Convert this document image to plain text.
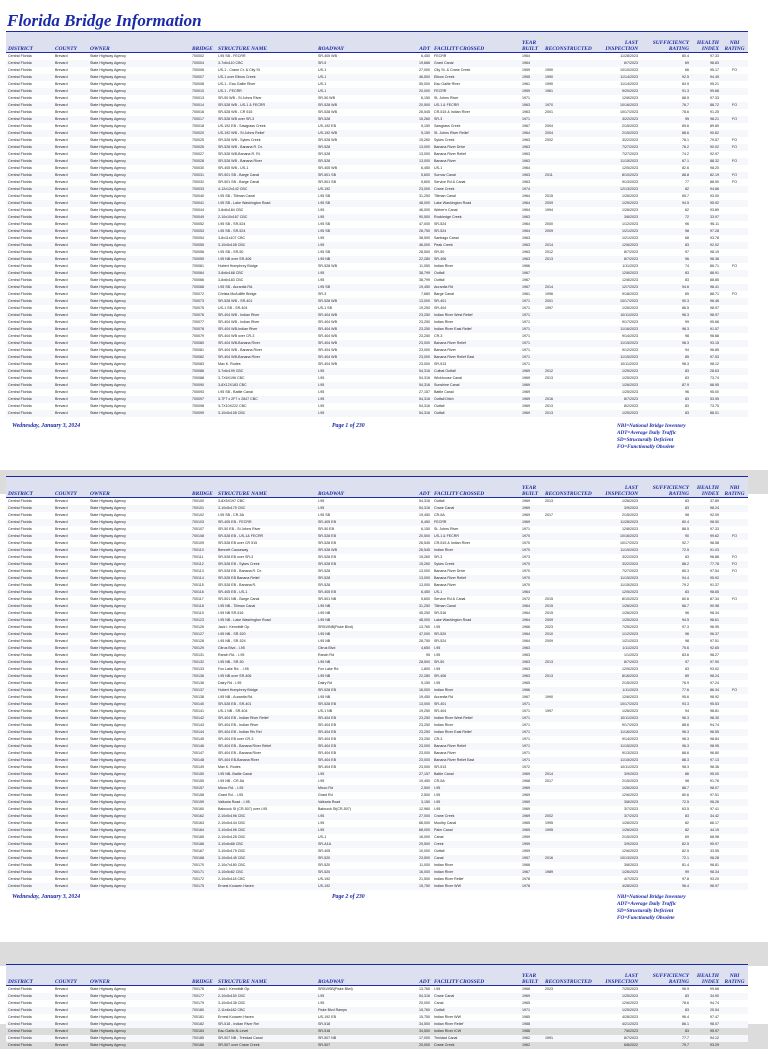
Florida Bridge Information
DISTRICT	COUNTY	OWNER	BRIDGE	STRUCTURE NAME	ROADWAY	ADT	FACILITY CROSSED	YEAR BUILT	RECONSTRUCTED	LAST INSPECTION	SUFFICIENCY RATING	HEALTH INDEX	NBI RATING
Central Florida	Brevard	State Highway Agency	700002	I-95 SB - FECRR	SR-405 WB	6,450	FECRR	1964		11/28/2023	80.4	97.33	
Central Florida	Brevard	State Highway Agency	700004	3-7x6x110 CBC	SR-5	19,666	Grant Canal	1964		6/7/2023	69	98.83	
Central Florida	Brevard	State Highway Agency	700006	US-1 - Crane Cr. & City St	US-1	27,000	City St. & Crane Creek	1959	1990	10/10/2023	66	95.17	FO
Central Florida	Brevard	State Highway Agency	700007	US-1 over Elbow Creek	US-1	46,500	Elbow Creek	1955	1990	11/14/2023	92.5	94.45	
Central Florida	Brevard	State Highway Agency	700008	US-1 - Eau Gallie River	US-1	55,000	Eau Gallie River	1961	1990	11/14/2023	84.9	95.21	
Central Florida	Brevard	State Highway Agency	700010	US-1 - FECRR	US-1	20,000	FECRR	1959	1961	9/20/2023	91.3	99.68	
Central Florida	Brevard	State Highway Agency	700013	SR-50 WB - St Johns River	SR-50 WB	6,150	St. Johns River	1971		12/8/2023	88.5	97.33	
Central Florida	Brevard	State Highway Agency	700014	SR-528 WB - US-1 & FECRR	SR-528 WB	20,500	US-1 & FECRR	1963	1970	10/16/2023	76.7	88.72	FO
Central Florida	Brevard	State Highway Agency	700016	SR-528 WB - CR 515	SR-528 WB	26,545	CR-515 & Indian River	1963	2001	10/17/2023	78.6	91.25	
Central Florida	Brevard	State Highway Agency	700017	SR-528 WB over SR-3	SR-528	15,260	SR-3	1971		3/22/2023	95	98.21	FO
Central Florida	Brevard	State Highway Agency	700018	US-192 EB - Sawgrass Creek	US-192 EB	5,150	Sawgrass Creek	1967	2004	2/15/2023	89.6	89.89	
Central Florida	Brevard	State Highway Agency	700020	US-192 WB - St Johns Relief	US-192 WB	5,150	St. Johns River Relief	1964	2004	2/15/2023	88.6	90.62	
Central Florida	Brevard	State Highway Agency	700025	SR-528 WB - Sykes Creek	SR-528 WB	15,260	Sykes Creek	1963	2002	3/22/2023	78.1	79.57	FO
Central Florida	Brevard	State Highway Agency	700026	SR-528 WB - Banana R. Dr.	SR-528	13,000	Banana River Drive	1963		7/27/2023	76.2	90.02	FO
Central Florida	Brevard	State Highway Agency	700027	SR-528 WB-Banana R. Rl.	SR-528	13,000	Banana River Relief	1963		7/27/2023	74.2	92.97	
Central Florida	Brevard	State Highway Agency	700028	SR-528 WB - Banana River	SR-528	13,000	Banana River	1963		11/15/2023	67.1	88.32	FO
Central Florida	Brevard	State Highway Agency	700030	SR-405 WB - US-1	SR-405 WB	6,450	US-1	1964		12/5/2023	82.6	98.20	
Central Florida	Brevard	State Highway Agency	700031	SR-501 SB - Barge Canal	SR-501 SB	5,600	Sorrow Canal	1963	2011	8/10/2023	88.8	82.19	FO
Central Florida	Brevard	State Highway Agency	700032	SR-501 SB - Barge Canal	SR-501 SB	5,600	Service Rd & Canal	1963		9/13/2023	77	88.90	FO
Central Florida	Brevard	State Highway Agency	700033	4-12x12x142 CBC	US-192	23,000	Crane Creek	1974		12/13/2023	82	94.66	
Central Florida	Brevard	State Highway Agency	700040	I-95 SB - Tillman Canal	I-95 SB	31,250	Tillman Canal	1964	2015	1/26/2023	65.7	93.00	
Central Florida	Brevard	State Highway Agency	700041	I-95 SB - Lake Washington Road	I-95 SB	48,000	Lake Washington Road	1964	2009	1/25/2023	94.5	95.92	
Central Florida	Brevard	State Highway Agency	700044	3-8x6x184 CBC	I-95	46,000	Weber's Canal	1964	1994	1/26/2023	62	93.89	
Central Florida	Brevard	State Highway Agency	700049	2-10x10x167 CBC	I-95	90,500	Rockledge Creek	1963		3/8/2023	72	33.97	
Central Florida	Brevard	State Highway Agency	700052	I-95 SB - SR-524	I-95 SB	47,000	SR-524	1964	2000	1/12/2023	96	96.11	
Central Florida	Brevard	State Highway Agency	700053	I-95 SB - SR-524	I-95 SB	28,750	SR-524	1964	2009	1/21/2023	98	97.28	
Central Florida	Brevard	State Highway Agency	700054	3-8x11x107 CBC	I-95	38,500	Santiago Canal	1963		1/21/2023	68	93.78	
Central Florida	Brevard	State Highway Agency	700055	3-10x5x108 CBC	I-95	46,000	Peak Creek	1963	2014	12/6/2023	83	92.02	
Central Florida	Brevard	State Highway Agency	700056	I-95 SB - SR-50	I-95 SB	28,500	SR-50	1963	2012	8/7/2023	97	98.19	
Central Florida	Brevard	State Highway Agency	700059	I-95 NB over SR-406	I-95 NB	22,280	SR-406	1963	2013	8/7/2023	96	98.36	
Central Florida	Brevard	State Highway Agency	700061	Hubert Humphrey Bridge	SR-528 WB	11,050	Indian River	1966		1/11/2023	74	86.71	FO
Central Florida	Brevard	State Highway Agency	700064	3-8x6x168 CBC	I-95	38,799	Outfall	1967		12/8/2023	83	88.91	
Central Florida	Brevard	State Highway Agency	700066	3-8x6x183 CBC	I-95	38,799	Outfall	1967		12/8/2023	83	88.85	
Central Florida	Brevard	State Highway Agency	700068	I-95 SB - Aurantia Rd.	I-95 SB	19,450	Aurantia Rd	1967	2014	12/7/2023	94.6	98.41	
Central Florida	Brevard	State Highway Agency	700072	Christa McAuliffe Bridge	SR-3	7,680	Barge Canal	1961	1996	9/18/2023	65	88.71	FO
Central Florida	Brevard	State Highway Agency	700073	SR-528 WB - SR-401	SR-528 WB	13,000	SR-401	1971	2001	10/17/2023	90.3	96.46	
Central Florida	Brevard	State Highway Agency	700075	US-1 SB - SR-404	US-1 SB	19,250	SR-404	1971	1997	1/26/2023	86.5	98.97	
Central Florida	Brevard	State Highway Agency	700076	SR-404 WB - Indian River	SR-404 WB	23,250	Indian River West Relief	1971		10/11/2023	96.3	98.97	
Central Florida	Brevard	State Highway Agency	700077	SR-404 WB - Indian River	SR-404 WB	23,250	Indian River	1971		9/17/2023	99	95.66	
Central Florida	Brevard	State Highway Agency	700078	SR-404 WB-Indian River	SR-404 WB	23,250	Indian River East Relief	1971		11/16/2023	98.3	91.57	
Central Florida	Brevard	State Highway Agency	700079	SR-404 WB over CR-3	SR-404 WB	23,250	CR-3	1971		9/14/2023	98	96.68	
Central Florida	Brevard	State Highway Agency	700080	SR-404 WB-Banana River	SR-404 WB	23,000	Banana River Relief	1971		11/15/2023	98.3	93.15	
Central Florida	Brevard	State Highway Agency	700081	SR-404 WB - Banana River	SR-404 WB	23,000	Banana River	1971		9/12/2023	94	96.85	
Central Florida	Brevard	State Highway Agency	700082	SR-404 WB-Banana River	SR-404 WB	23,000	Banana River Relief East	1971		11/15/2023	85	97.53	
Central Florida	Brevard	State Highway Agency	700083	Max K. Rodes	SR-404 WB	23,000	SR-513	1971		10/11/2023	98.3	98.12	
Central Florida	Brevard	State Highway Agency	700086	3-7x6x199 CBC	I-95	54,316	Culbat Outfall	1969	2012	1/25/2023	83	28.63	
Central Florida	Brevard	State Highway Agency	700088	3-7X6X196 CBC	I-95	54,316	Wickhouse Canal	1969	2013	1/25/2023	83	73.74	
Central Florida	Brevard	State Highway Agency	700090	3-8X12X183 CBC	I-95	54,316	Sunshine Canal	1969		1/26/2023	87.9	68.95	
Central Florida	Brevard	State Highway Agency	700093	I-95 SB - Battle Canal	I-95	27,157	Battle Canal	1969		1/25/2023	96	95.00	
Central Florida	Brevard	State Highway Agency	700097	3-7F7 x 2F7 x 2847 CBC	I-95	54,316	Outfall Ditch	1969	2016	8/7/2023	83	53.95	
Central Florida	Brevard	State Highway Agency	700098	3-7X10X222 CBC	I-95	54,316	Outfall	1969	2013	8/2/2023	83	73.75	
Central Florida	Brevard	State Highway Agency	700099	3-10x5x108 CBC	I-95	54,316	Outfall	1969	2013	1/25/2023	83	88.01	
Wednesday, January 3, 2024	Page 1 of 230	NBI=National Bridge Inventory
ADT=Average Daily Traffic
SD=Structurally Deficient
FO=Functionally Obsolete
DISTRICT	COUNTY	OWNER	BRIDGE	STRUCTURE NAME	ROADWAY	ADT	FACILITY CROSSED	YEAR BUILT	RECONSTRUCTED	LAST INSPECTION	SUFFICIENCY RATING	HEALTH INDEX	NBI RATING
Central Florida	Brevard	State Highway Agency	700100	3-8X5X197 CBC	I-95	54,316	Outfall	1969	2013	1/26/2023	83	37.89	
Central Florida	Brevard	State Highway Agency	700101	3-10x5x175 CBC	I-95	54,316	Crane Canal	1969		3/9/2023	83	98.24	
Central Florida	Brevard	State Highway Agency	700102	I-95 SB - CR-5A	I-95 SB	19,450	CR-5A	1969	2017	2/15/2023	98	92.09	
Central Florida	Brevard	State Highway Agency	700103	SR-405 EB - FECRR	SR-405 EB	6,450	FECRR	1969		11/28/2023	80.4	98.50	
Central Florida	Brevard	State Highway Agency	700107	SR-50 EB - St Johns River	SR-50 EB	6,150	St. Johns River	1971		12/8/2023	88.5	97.33	
Central Florida	Brevard	State Highway Agency	700108	SR-528 EB - US-1& FECRR	SR-528 EB	20,500	US-1 & FECRR	1970		10/16/2023	90	99.62	FO
Central Florida	Brevard	State Highway Agency	700109	SR-528 EB over CR 515	SR-528 EB	26,545	CR-515 & Indian River	1970		10/17/2023	92.7	98.58	
Central Florida	Brevard	State Highway Agency	700110	Bennett Causeway	SR-528 WB	26,545	Indian River	1970		11/15/2023	72.5	91.03	
Central Florida	Brevard	State Highway Agency	700111	SR-528 EB over SR-3	SR-528 EB	15,260	SR-3	1973		3/22/2023	83	98.88	FO
Central Florida	Brevard	State Highway Agency	700112	SR-528 EB - Sykes Creek	SR-528 EB	15,260	Sykes Creek	1970		3/22/2023	88.2	77.78	FO
Central Florida	Brevard	State Highway Agency	700113	SR-528 EB - Banana R. Dr.	SR-528	13,000	Banana River Drive	1970		7/27/2023	85.3	97.54	FO
Central Florida	Brevard	State Highway Agency	700114	SR-528 EB Banana Relief	SR-528	13,000	Banana River Relief	1970		11/15/2023	94.4	95.92	
Central Florida	Brevard	State Highway Agency	700115	SR-528 EB - Banana R.	SR-528	13,000	Banana River	1970		11/15/2023	79.2	91.37	
Central Florida	Brevard	State Highway Agency	700116	SR-405 EB - US-1	SR-405 EB	6,450	US-1	1964		12/5/2023	83	98.65	
Central Florida	Brevard	State Highway Agency	700117	SR-501 NB - Barge Canal	SR-501 NB	5,600	Service Rd & Canal	1972	2015	8/10/2023	60.6	87.34	FO
Central Florida	Brevard	State Highway Agency	700118	I-95 NB - Tillman Canal	I-95 NB	31,250	Tillman Canal	1964	2015	1/26/2023	66.7	90.98	
Central Florida	Brevard	State Highway Agency	700119	I-95 NB SR-516	I-95 NB	45,250	SR-516	1964	2015	1/26/2023	96	98.34	
Central Florida	Brevard	State Highway Agency	700123	I-95 NB - Lake Washington Road	I-95 NB	48,000	Lake Washington Road	1964	2009	1/25/2023	94.5	98.61	
Central Florida	Brevard	State Highway Agency	700126	Jack I. Kennibitt Op.	SR519NB(Fiske Blvd)	13,760	I-95	1966	2023	7/25/2023	97.3	96.95	
Central Florida	Brevard	State Highway Agency	700127	I-95 NB - SR-520	I-95 NB	47,000	SR-520	1964	2010	1/12/2023	96	96.37	
Central Florida	Brevard	State Highway Agency	700128	I-95 NB - SR-524	I-95 NB	28,750	SR-524	1964	2009	1/21/2023	98	97.51	
Central Florida	Brevard	State Highway Agency	700129	Citrus Blvd - I-95	Citrus Blvd	4,650	I-95	1963		1/11/2023	75.6	92.65	
Central Florida	Brevard	State Highway Agency	700131	Ranch Rd. - I-95	Ranch Rd	95	I-95	1963		1/1/2023	83.6	98.27	
Central Florida	Brevard	State Highway Agency	700132	I-95 NB - SR-50	I-95 NB	28,500	SR-50	1963	2013	8/7/2023	97	97.90	
Central Florida	Brevard	State Highway Agency	700133	Fox Lake Rd. - I-95	Fox Lake Rd	1,800	I-95	1963		12/5/2023	83	93.02	
Central Florida	Brevard	State Highway Agency	700136	I-95 NB over SR-406	I-95 NB	22,280	SR-406	1963	2013	8/16/2023	89	98.24	
Central Florida	Brevard	State Highway Agency	700136	Dairy Rd - I-95	Dairy Rd	5,150	I-95	1965		2/15/2023	76.9	97.24	
Central Florida	Brevard	State Highway Agency	700137	Hubert Humphrey Bridge	SR-528 EB	16,000	Indian River	1966		1/11/2023	77.6	86.34	FO
Central Florida	Brevard	State Highway Agency	700138	I-95 NB - Aurantia Rd.	I-95 NB	19,450	Aurantia Rd	1967	1990	12/6/2023	95.6	98.92	
Central Florida	Brevard	State Highway Agency	700140	SR-528 EB - SR-401	SR-528 EB	13,000	SR-401	1971		10/17/2023	93.3	95.53	
Central Florida	Brevard	State Highway Agency	700141	US-1 NB - SR-404	US-1 NB	19,250	SR-404	1971	1997	1/26/2023	94	98.81	
Central Florida	Brevard	State Highway Agency	700142	SR-404 EB - Indian River Relief	SR-404 EB	23,250	Indian River West Relief	1971		10/11/2023	96.3	98.30	
Central Florida	Brevard	State Highway Agency	700143	SR-404 EB - Indian River	SR-404 EB	23,250	Indian River	1971		9/17/2023	88.6	94.74	
Central Florida	Brevard	State Highway Agency	700144	SR-404 EB - Indian Riv Rel	SR-404 EB	23,250	Indian River East Relief	1971		11/16/2023	96.3	98.55	
Central Florida	Brevard	State Highway Agency	700145	SR-404 EB over CR-3	SR-404 EB	23,250	CR-3	1971		9/14/2023	98.3	98.84	
Central Florida	Brevard	State Highway Agency	700146	SR-404 EB - Banana River Relief	SR-404 EB	23,000	Banana River Relief	1971		11/15/2023	96.3	98.95	
Central Florida	Brevard	State Highway Agency	700147	SR-404 EB - Banana River	SR-404 EB	23,000	Banana River	1971		9/13/2023	88.6	96.80	
Central Florida	Brevard	State Highway Agency	700148	SR-404 EB-Banana River	SR-404 EB	23,000	Banana River Relief East	1971		11/15/2023	88.3	97.13	
Central Florida	Brevard	State Highway Agency	700149	Max K. Rodes	SR-404 EB	23,000	SR-513	1972		10/11/2023	98.3	98.36	
Central Florida	Brevard	State Highway Agency	700150	I-95 NB- Battle Canal	I-95	27,157	Battle Canal	1969	2014	3/9/2023	86	95.00	
Central Florida	Brevard	State Highway Agency	700155	I-95 NB - CR-5A	I-95	19,450	CR-5A	1968	2017	2/15/2023	98	91.76	
Central Florida	Brevard	State Highway Agency	700157	Micco Rd. - I-95	Micco Rd	2,500	I-95	1969		1/26/2023	88.7	98.07	
Central Florida	Brevard	State Highway Agency	700158	Grant Rd. - I-95	Grant Rd	2,500	I-95	1969		12/6/2023	80.6	97.51	
Central Florida	Brevard	State Highway Agency	700159	Valkaria Road - I-95	Valkaria Road	3,150	I-95	1969		3/8/2023	72.5	98.26	
Central Florida	Brevard	State Highway Agency	700160	Babcock St (CR-507) over I-95	Babcock St(CR-507)	12,960	I-95	1969		3/7/2023	63.5	97.41	
Central Florida	Brevard	State Highway Agency	700162	2-10x5x196 CBC	I-95	27,000	Crane Creek	1969	2002	3/7/2023	83	34.42	
Central Florida	Brevard	State Highway Agency	700163	2-10x5x144 CBC	I-95	68,000	Moultry Canal	1965	1995	1/26/2023	82	66.17	
Central Florida	Brevard	State Highway Agency	700164	3-10x5x196 CBC	I-95	68,000	Palm Canal	1965	1995	1/26/2023	82	44.19	
Central Florida	Brevard	State Highway Agency	700165	2-10x5x128 CBC	US-1	16,000	Canal	1959		2/15/2023	69	68.98	
Central Florida	Brevard	State Highway Agency	700166	3-10x6x88 CBC	SR-A1A	29,500	Creek	1959		3/9/2023	82.5	95.97	
Central Florida	Brevard	State Highway Agency	700167	3-10x5x175 CBC	SR-405	10,000	Outfall	1959		12/6/2023	82.5	33.55	
Central Florida	Brevard	State Highway Agency	700168	3-10x5x145 CBC	SR-520	23,500	Canal	1957	2016	10/13/2023	72.1	98.28	
Central Florida	Brevard	State Highway Agency	700170	2-10x7x180 CBC	SR-520	11,000	Indian River	1966		3/8/2023	81.4	98.81	
Central Florida	Brevard	State Highway Agency	700171	3-10x5x82 CBC	SR-520	16,000	Indian River	1967	1989	1/26/2023	99	98.34	
Central Florida	Brevard	State Highway Agency	700172	2-10x5x118 CBC	US-192	21,500	Indian River Relief	1978		4/7/2023	97.8	93.20	
Central Florida	Brevard	State Highway Agency	700175	Ernest Kouwen Haven	US-192	15,750	Indian River WW	1978		4/28/2023	96.4	98.97	
Wednesday, January 3, 2024	Page 2 of 230	NBI=National Bridge Inventory
ADT=Average Daily Traffic
SD=Structurally Deficient
FO=Functionally Obsolete
DISTRICT	COUNTY	OWNER	BRIDGE	STRUCTURE NAME	ROADWAY	ADT	FACILITY CROSSED	YEAR BUILT	RECONSTRUCTED	LAST INSPECTION	SUFFICIENCY RATING	HEALTH INDEX	NBI RATING
Central Florida	Brevard	State Highway Agency	700176	Jack I. Kennibitt Op.	SR519SB(Fiske Blvd)	13,760	I-95	1966	2023	7/25/2023	96.9	99.66	
Central Florida	Brevard	State Highway Agency	700177	2-10x5x150 CBC	I-95	54,316	Crane Canal	1969		1/25/2023	83	34.90	
Central Florida	Brevard	State Highway Agency	700179	3-10x5x138 CBC	I-95	20,000	Canal	1965		12/6/2023	78.6	94.74	
Central Florida	Brevard	State Highway Agency	700180	2-11x6x182 CBC	Fiske Blvd Ramps	15,760	Outfall	1971		1/25/2023	83	25.54	
Central Florida	Brevard	State Highway Agency	700181	Ernest Kouwen Haven	US-192 EB	15,750	Indian River WW	1985		4/28/2023	96.4	97.47	
Central Florida	Brevard	State Highway Agency	700182	SR-518 - Indian River Rel	SR-518	34,500	Indian River Relief	1988		4/21/2023	86.1	98.07	
Central Florida	Brevard	State Highway Agency	700184	Eau Gallie-N-Level	SR-518	34,500	Indian River ICW	1988		7/6/2023	83	95.97	
Central Florida	Brevard	State Highway Agency	700185	SR-507 NB - Trinidad Canal	SR-507 NB	17,000	Trinidad Canal	1962	1991	8/7/2023	77.7	94.12	
Central Florida	Brevard	State Highway Agency	700186	SR-507 over Crane Creek	SR-507	20,000	Crane Creek	1962		6/8/2022	79.7	93.29	
